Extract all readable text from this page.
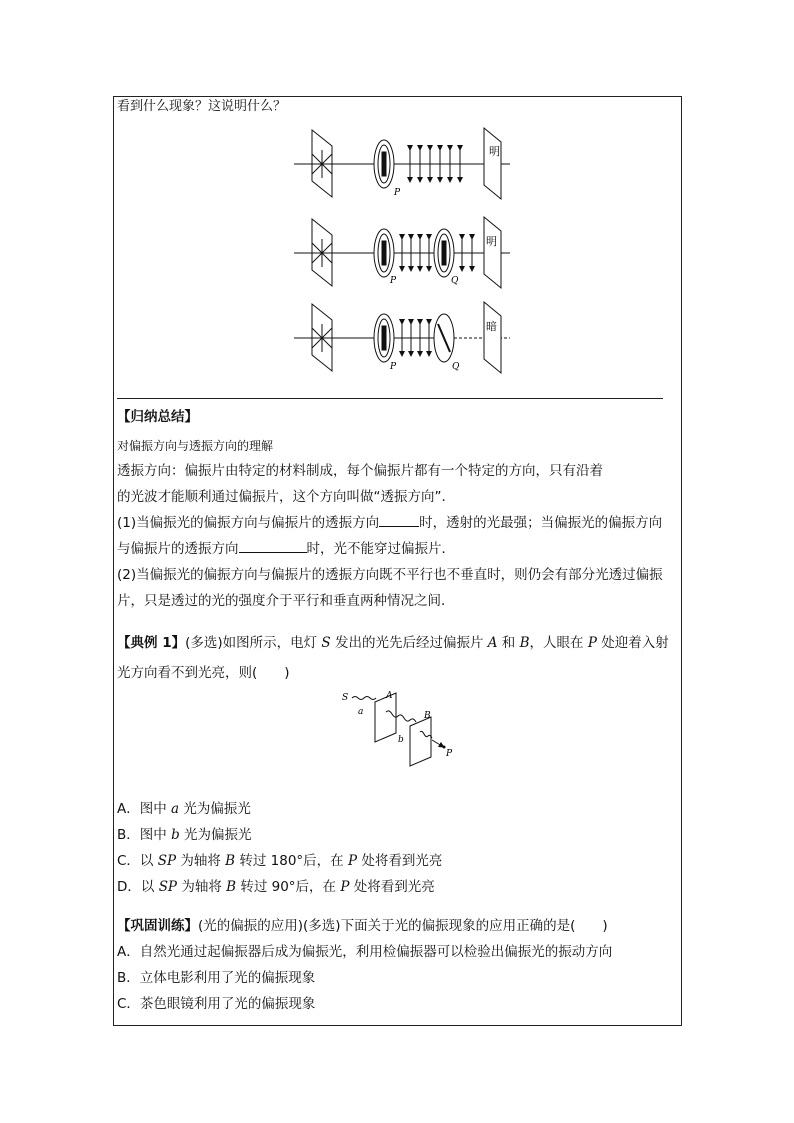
看到什么现象？这说明什么？
明
P
明
P	Q
暗
P	Q
【归纳总结】
对偏振方向与透振方向的理解
透振方向：偏振片由特定的材料制成，每个偏振片都有一个特定的方向，只有沿着
的光波才能顺利通过偏振片，这个方向叫做“透振方向”．
(1)当偏振光的偏振方向与偏振片的透振方向	时，透射的光最强；当偏振光的偏振方向
与偏振片的透振方向	时，光不能穿过偏振片．
(2)当偏振光的偏振方向与偏振片的透振方向既不平行也不垂直时，则仍会有部分光透过偏振
片，只是透过的光的强度介于平行和垂直两种情况之间．
【典例 1】(多选)如图所示，电灯 S 发出的光先后经过偏振片 A 和 B，人眼在 P 处迎着入射
光方向看不到光亮，则(　　)
S	A
B
a
b
P
A．图中 a 光为偏振光
B．图中 b 光为偏振光
C．以 SP 为轴将 B 转过 180°后，在 P 处将看到光亮
D．以 SP 为轴将 B 转过 90°后，在 P 处将看到光亮
【巩固训练】(光的偏振的应用)(多选)下面关于光的偏振现象的应用正确的是(　　)
A．自然光通过起偏振器后成为偏振光，利用检偏振器可以检验出偏振光的振动方向
B．立体电影利用了光的偏振现象
C．茶色眼镜利用了光的偏振现象
